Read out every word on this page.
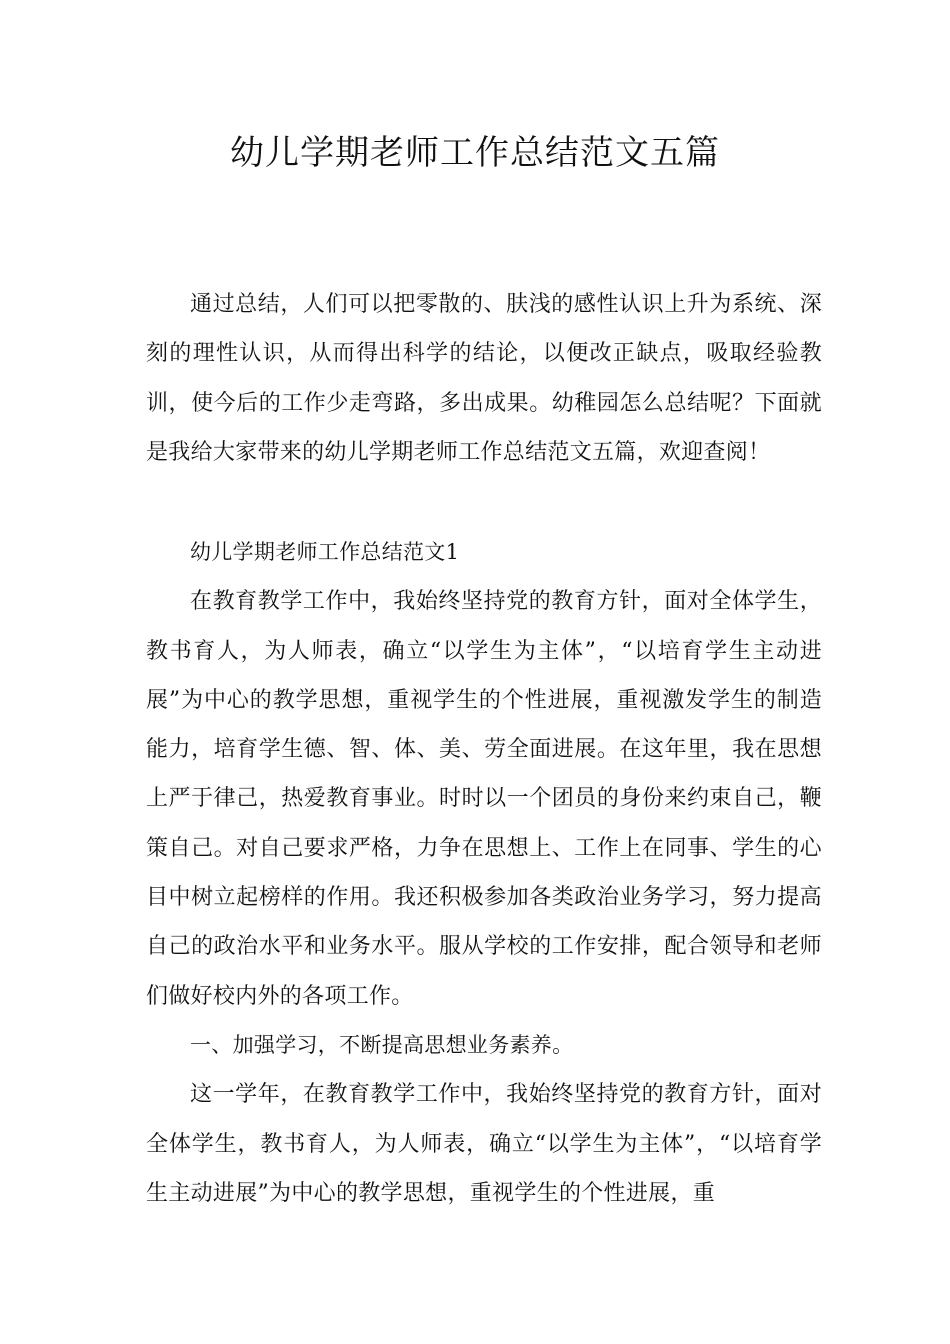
幼儿学期老师工作总结范文五篇

通过总结，人们可以把零散的、肤浅的感性认识上升为系统、深刻的理性认识，从而得出科学的结论，以便改正缺点，吸取经验教训，使今后的工作少走弯路，多出成果。幼稚园怎么总结呢？下面就是我给大家带来的幼儿学期老师工作总结范文五篇，欢迎查阅！

幼儿学期老师工作总结范文1

在教育教学工作中，我始终坚持党的教育方针，面对全体学生，教书育人，为人师表，确立“以学生为主体”，“以培育学生主动进展”为中心的教学思想，重视学生的个性进展，重视激发学生的制造能力，培育学生德、智、体、美、劳全面进展。在这年里，我在思想上严于律己，热爱教育事业。时时以一个团员的身份来约束自己，鞭策自己。对自己要求严格，力争在思想上、工作上在同事、学生的心目中树立起榜样的作用。我还积极参加各类政治业务学习，努力提高自己的政治水平和业务水平。服从学校的工作安排，配合领导和老师们做好校内外的各项工作。

一、加强学习，不断提高思想业务素养。

这一学年，在教育教学工作中，我始终坚持党的教育方针，面对全体学生，教书育人，为人师表，确立“以学生为主体”，“以培育学生主动进展”为中心的教学思想，重视学生的个性进展，重
